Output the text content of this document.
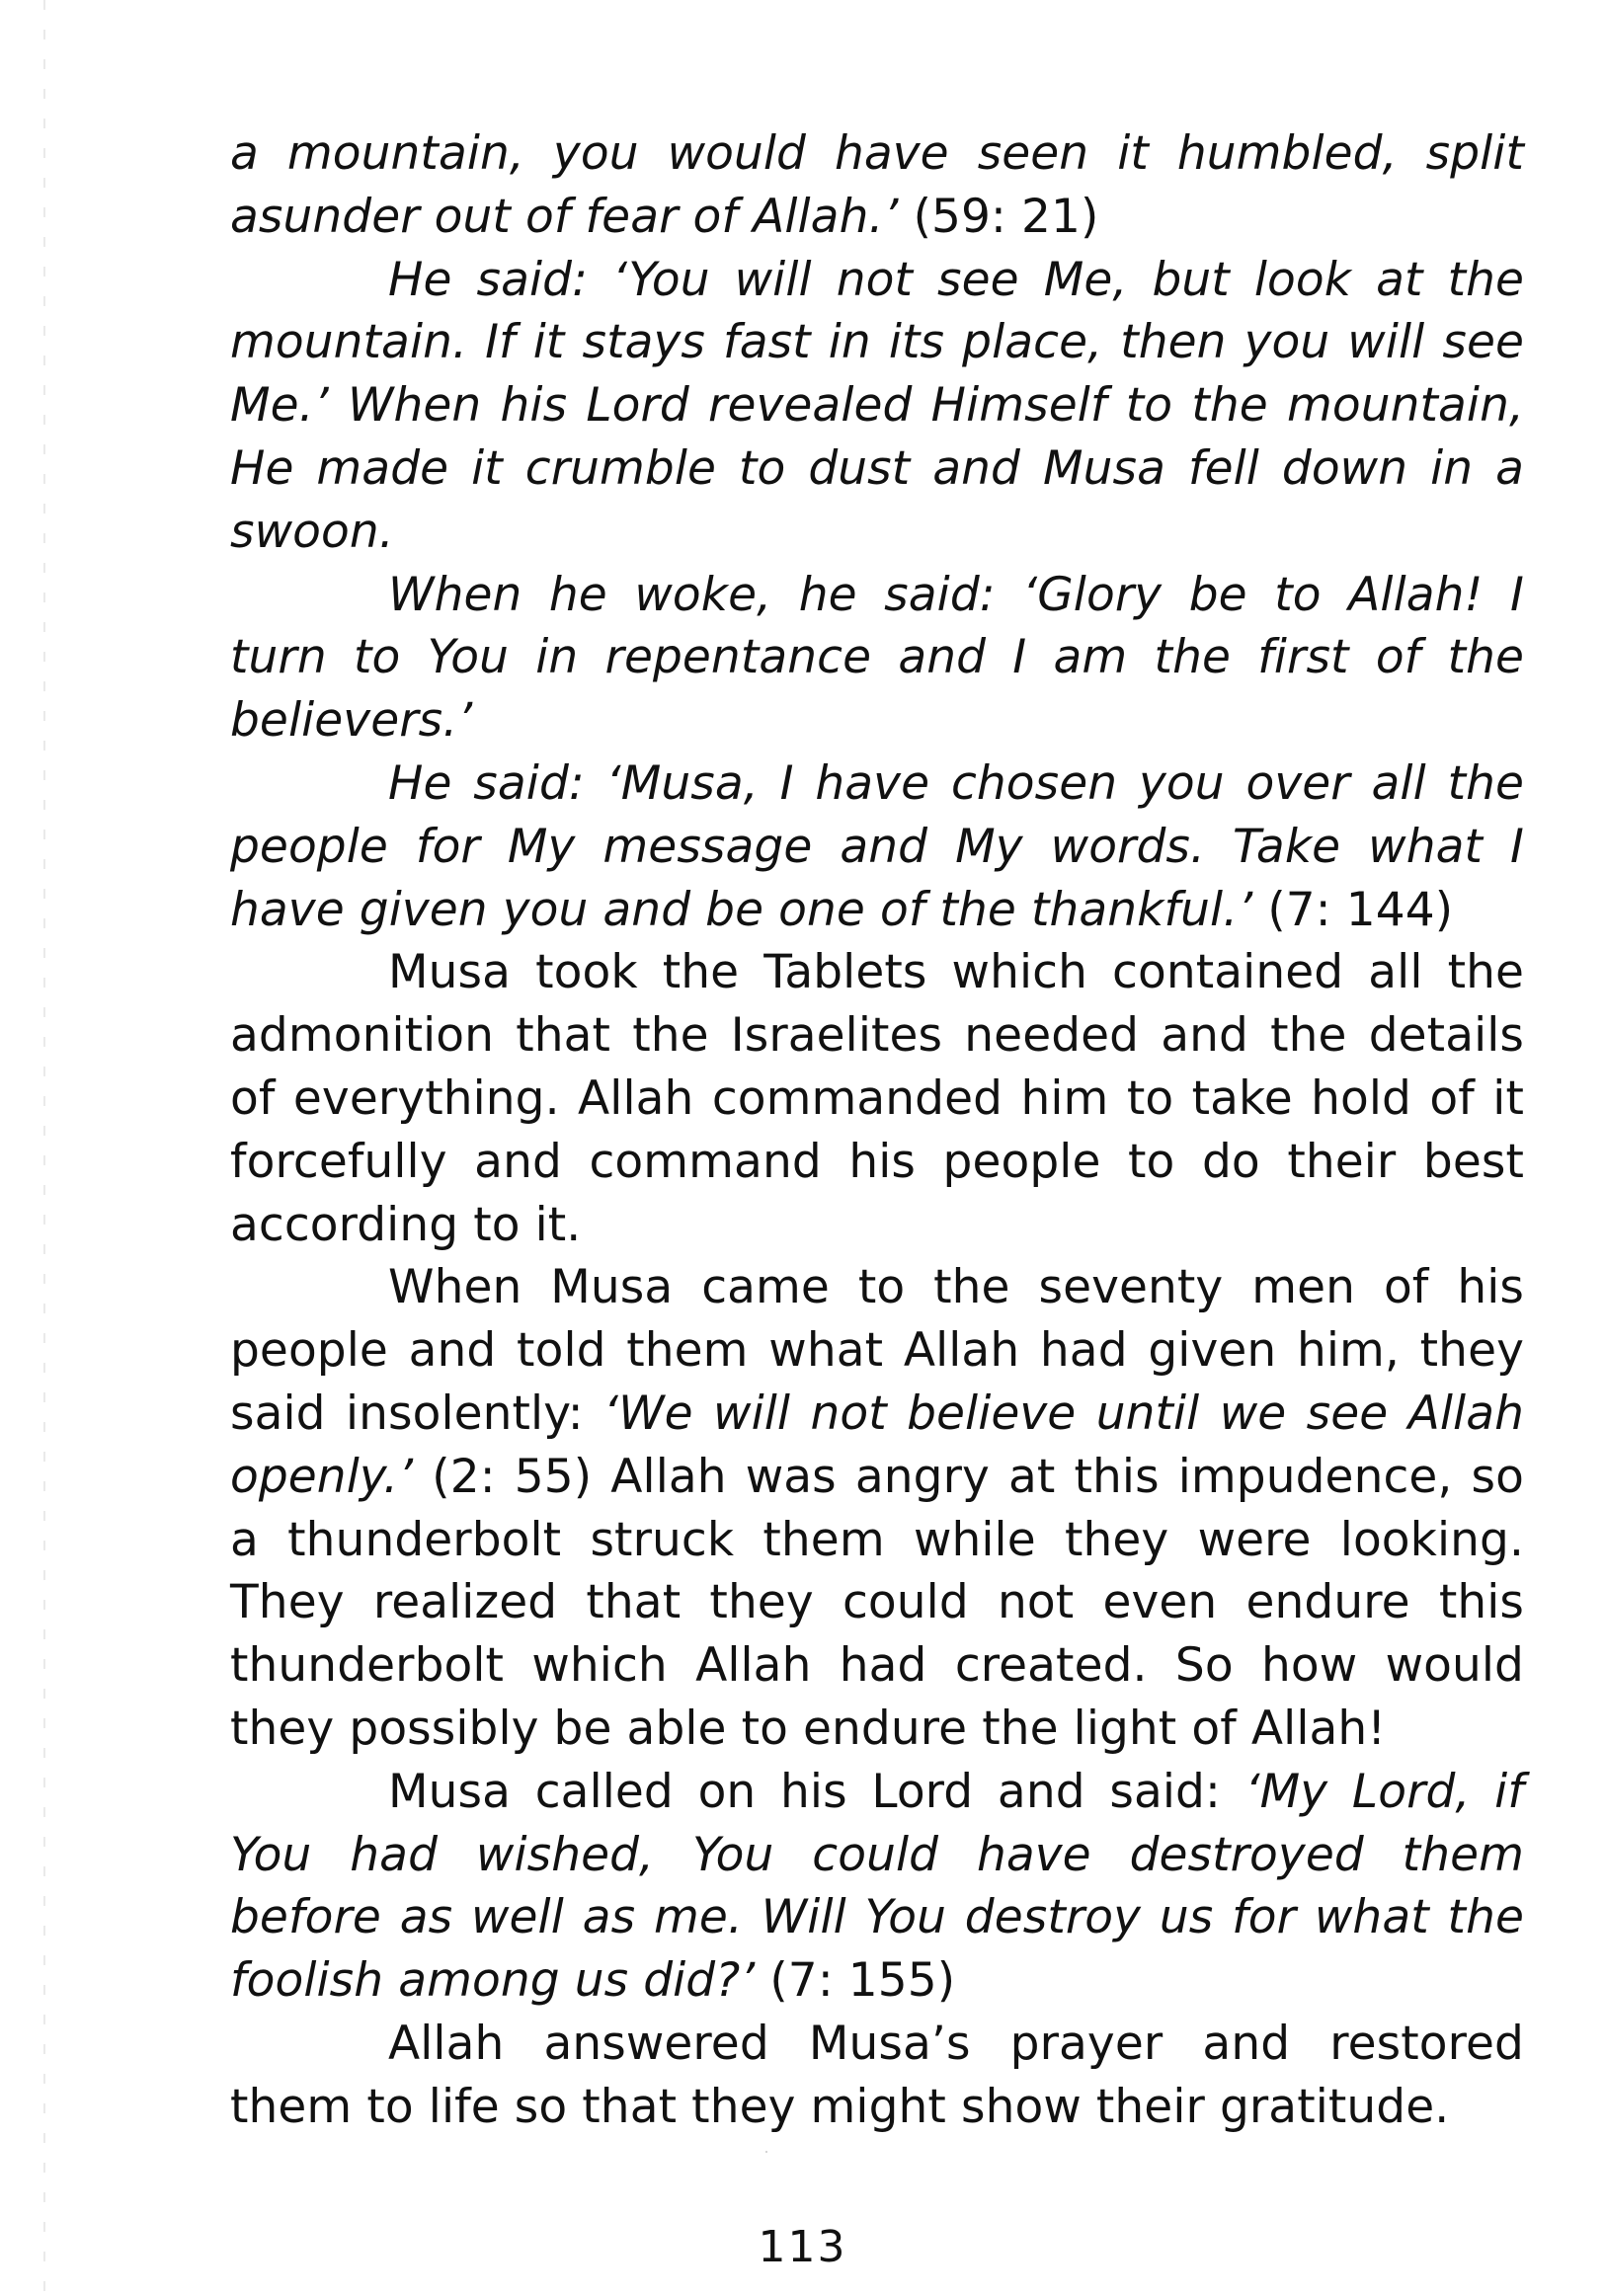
a mountain, you would have seen it humbled, split asunder out of fear of Allah.’ (59: 21)

He said: ‘You will not see Me, but look at the mountain. If it stays fast in its place, then you will see Me.’ When his Lord revealed Himself to the mountain, He made it crumble to dust and Musa fell down in a swoon.

When he woke, he said: ‘Glory be to Allah! I turn to You in repentance and I am the first of the believers.’

He said: ‘Musa, I have chosen you over all the people for My message and My words. Take what I have given you and be one of the thankful.’ (7: 144)

Musa took the Tablets which contained all the admonition that the Israelites needed and the details of everything. Allah commanded him to take hold of it forcefully and command his people to do their best according to it.

When Musa came to the seventy men of his people and told them what Allah had given him, they said insolently: ‘We will not believe until we see Allah openly.’ (2: 55) Allah was angry at this impudence, so a thunderbolt struck them while they were looking. They realized that they could not even endure this thunderbolt which Allah had created. So how would they possibly be able to endure the light of Allah!

Musa called on his Lord and said: ‘My Lord, if You had wished, You could have destroyed them before as well as me. Will You destroy us for what the foolish among us did?’ (7: 155)

Allah answered Musa’s prayer and restored them to life so that they might show their gratitude.

113
